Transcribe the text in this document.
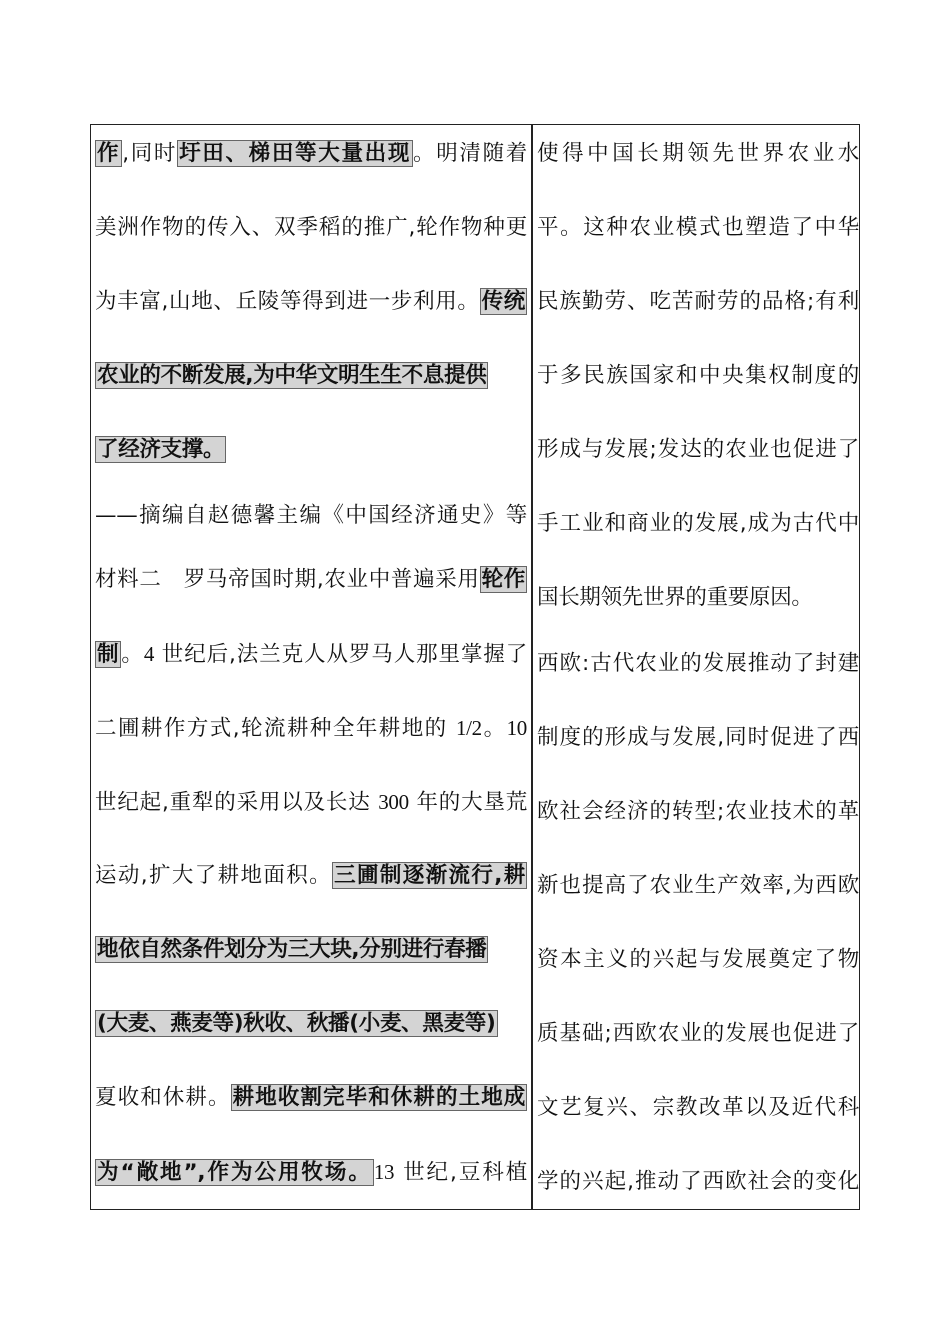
作,同时圩田、梯田等大量出现。明清随着
美洲作物的传入、双季稻的推广,轮作物种更
为丰富,山地、丘陵等得到进一步利用。传统
农业的不断发展,为中华文明生生不息提供
了经济支撑。
——摘编自赵德馨主编《中国经济通史》等
材料二　罗马帝国时期,农业中普遍采用轮作
制。4 世纪后,法兰克人从罗马人那里掌握了
二圃耕作方式,轮流耕种全年耕地的 1/2。10
世纪起,重犁的采用以及长达 300 年的大垦荒
运动,扩大了耕地面积。三圃制逐渐流行,耕
地依自然条件划分为三大块,分别进行春播
(大麦、燕麦等)秋收、秋播(小麦、黑麦等)
夏收和休耕。耕地收割完毕和休耕的土地成
为“敞地”,作为公用牧场。13 世纪,豆科植
使得中国长期领先世界农业水
平。这种农业模式也塑造了中华
民族勤劳、吃苦耐劳的品格;有利
于多民族国家和中央集权制度的
形成与发展;发达的农业也促进了
手工业和商业的发展,成为古代中
国长期领先世界的重要原因。
西欧:古代农业的发展推动了封建
制度的形成与发展,同时促进了西
欧社会经济的转型;农业技术的革
新也提高了农业生产效率,为西欧
资本主义的兴起与发展奠定了物
质基础;西欧农业的发展也促进了
文艺复兴、宗教改革以及近代科
学的兴起,推动了西欧社会的变化
